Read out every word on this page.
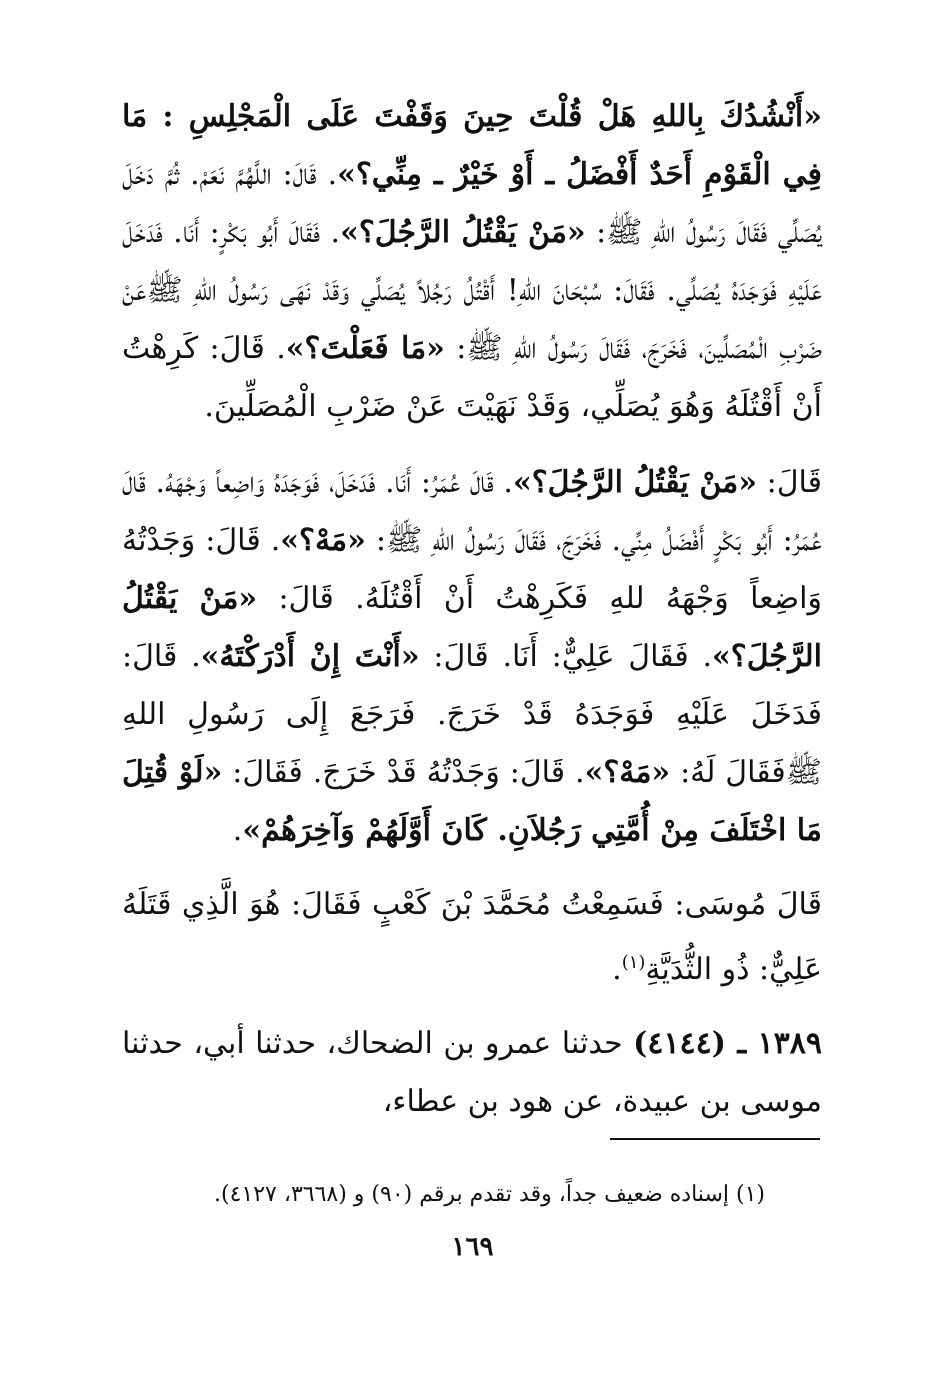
«أَنْشُدُكَ بِاللهِ هَلْ قُلْتَ حِينَ وَقَفْتَ عَلَى الْمَجْلِسِ : مَا فِي الْقَوْمِ أَحَدٌ أَفْضَلُ ـ أَوْ خَيْرٌ ـ مِنِّي؟». قَالَ: اللَّهُمَّ نَعَمْ. ثُمَّ دَخَلَ يُصَلِّي فَقَالَ رَسُولُ اللهِ ﷺ: «مَنْ يَقْتُلُ الرَّجُلَ؟». فَقَالَ أَبُو بَكْرٍ: أَنَا. فَدَخَلَ عَلَيْهِ فَوَجَدَهُ يُصَلِّي. فَقَالَ: سُبْحَانَ اللهِ! أَقْتُلُ رَجُلاً يُصَلِّي وَقَدْ نَهَى رَسُولُ اللهِ ﷺعَنْ ضَرْبِ الْمُصَلِّينَ، فَخَرَجَ، فَقَالَ رَسُولُ اللهِ ﷺ: «مَا فَعَلْتَ؟». قَالَ: كَرِهْتُ أَنْ أَقْتُلَهُ وَهُوَ يُصَلِّي، وَقَدْ نَهَيْتَ عَنْ ضَرْبِ الْمُصَلِّينَ.

قَالَ: «مَنْ يَقْتُلُ الرَّجُلَ؟». قَالَ عُمَرُ: أَنَا. فَدَخَلَ، فَوَجَدَهُ وَاضِعاً وَجْهَهُ. قَالَ عُمَرُ: أَبُو بَكْرٍ أَفْضَلُ مِنِّي. فَخَرَجَ، فَقَالَ رَسُولُ اللهِ ﷺ: «مَهْ؟». قَالَ: وَجَدْتُهُ وَاضِعاً وَجْهَهُ للهِ فَكَرِهْتُ أَنْ أَقْتُلَهُ. قَالَ: «مَنْ يَقْتُلُ الرَّجُلَ؟». فَقَالَ عَلِيٌّ: أَنَا. قَالَ: «أَنْتَ إِنْ أَدْرَكْتَهُ». قَالَ: فَدَخَلَ عَلَيْهِ فَوَجَدَهُ قَدْ خَرَجَ. فَرَجَعَ إِلَى رَسُولِ اللهِ ﷺفَقَالَ لَهُ: «مَهْ؟». قَالَ: وَجَدْتُهُ قَدْ خَرَجَ. فَقَالَ: «لَوْ قُتِلَ مَا اخْتَلَفَ مِنْ أُمَّتِي رَجُلاَنِ. كَانَ أَوَّلَهُمْ وَآخِرَهُمْ».

قَالَ مُوسَى: فَسَمِعْتُ مُحَمَّدَ بْنَ كَعْبٍ فَقَالَ: هُوَ الَّذِي قَتَلَهُ عَلِيٌّ: ذُو الثُّدَيَّةِ$^{(١)}$.

١٣٨٩ ـ (٤١٤٤) حدثنا عمرو بن الضحاك، حدثنا أبي، حدثنا موسى بن عبيدة، عن هود بن عطاء،

(١) إسناده ضعيف جداً، وقد تقدم برقم (٩٠) و (٣٦٦٨، ٤١٢٧).
١٦٩
